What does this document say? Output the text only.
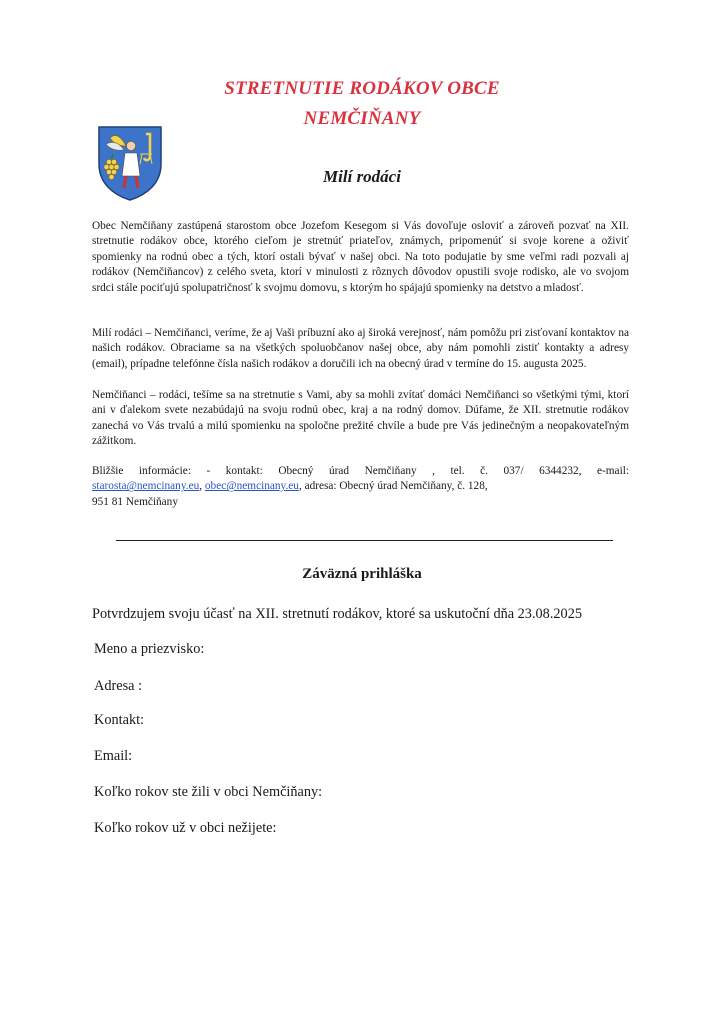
STRETNUTIE RODÁKOV OBCE
NEMČIŇANY
Milí rodáci
Obec Nemčiňany zastúpená starostom obce Jozefom Kesegom si Vás dovoľuje osloviť a zároveň pozvať na XII. stretnutie rodákov obce, ktorého cieľom je stretnúť priateľov, známych, pripomenúť si svoje korene a oživiť spomienky na rodnú obec a tých, ktorí ostali bývať v našej obci. Na toto podujatie by sme veľmi radi pozvali aj rodákov (Nemčiňancov) z celého sveta, ktorí v minulosti z rôznych dôvodov opustili svoje rodisko, ale vo svojom srdci stále pociťujú spolupatričnosť k svojmu domovu, s ktorým ho spájajú spomienky na detstvo a mladosť.
Milí rodáci – Nemčiňanci, veríme, že aj Vaši príbuzní ako aj široká verejnosť, nám pomôžu pri zisťovaní kontaktov na našich rodákov. Obraciame sa na všetkých spoluobčanov našej obce, aby nám pomohli zistiť kontakty a adresy (email), prípadne telefónne čísla našich rodákov a doručili ich na obecný úrad v termíne do 15. augusta 2025.
Nemčiňanci – rodáci, tešíme sa na stretnutie s Vami, aby sa mohli zvítať domáci Nemčiňanci so všetkými tými, ktorí ani v ďalekom svete nezabúdajú na svoju rodnú obec, kraj a na rodný domov. Dúfame, že XII. stretnutie rodákov zanechá vo Vás trvalú a milú spomienku na spoločne prežité chvíle a bude pre Vás jedinečným a neopakovateľným zážitkom.
Bližšie informácie: - kontakt: Obecný úrad Nemčiňany , tel. č. 037/ 6344232, e-mail:
starosta@nemcinany.eu, obec@nemcinany.eu, adresa: Obecný úrad Nemčiňany, č. 128,
951 81 Nemčiňany
Záväzná prihláška
Potvrdzujem svoju účasť na XII. stretnutí rodákov, ktoré sa uskutoční dňa 23.08.2025
Meno a priezvisko:
Adresa :
Kontakt:
Email:
Koľko rokov ste žili v obci Nemčiňany:
Koľko rokov už v obci nežijete:
